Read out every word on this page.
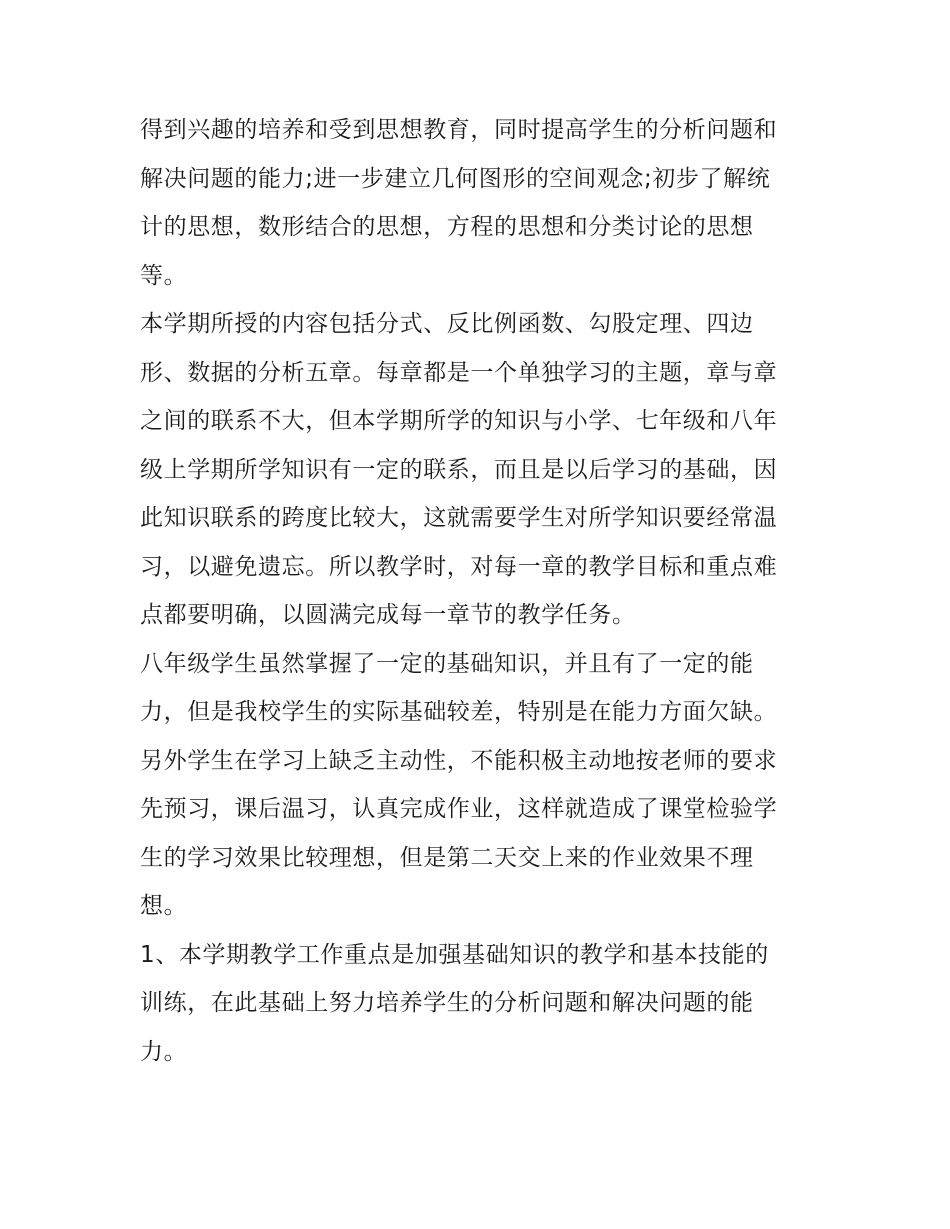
得到兴趣的培养和受到思想教育，同时提高学生的分析问题和
解决问题的能力;进一步建立几何图形的空间观念;初步了解统
计的思想，数形结合的思想，方程的思想和分类讨论的思想
等。
本学期所授的内容包括分式、反比例函数、勾股定理、四边
形、数据的分析五章。每章都是一个单独学习的主题，章与章
之间的联系不大，但本学期所学的知识与小学、七年级和八年
级上学期所学知识有一定的联系，而且是以后学习的基础，因
此知识联系的跨度比较大，这就需要学生对所学知识要经常温
习，以避免遗忘。所以教学时，对每一章的教学目标和重点难
点都要明确，以圆满完成每一章节的教学任务。
八年级学生虽然掌握了一定的基础知识，并且有了一定的能
力，但是我校学生的实际基础较差，特别是在能力方面欠缺。
另外学生在学习上缺乏主动性，不能积极主动地按老师的要求
先预习，课后温习，认真完成作业，这样就造成了课堂检验学
生的学习效果比较理想，但是第二天交上来的作业效果不理
想。
1、本学期教学工作重点是加强基础知识的教学和基本技能的
训练，在此基础上努力培养学生的分析问题和解决问题的能
力。
